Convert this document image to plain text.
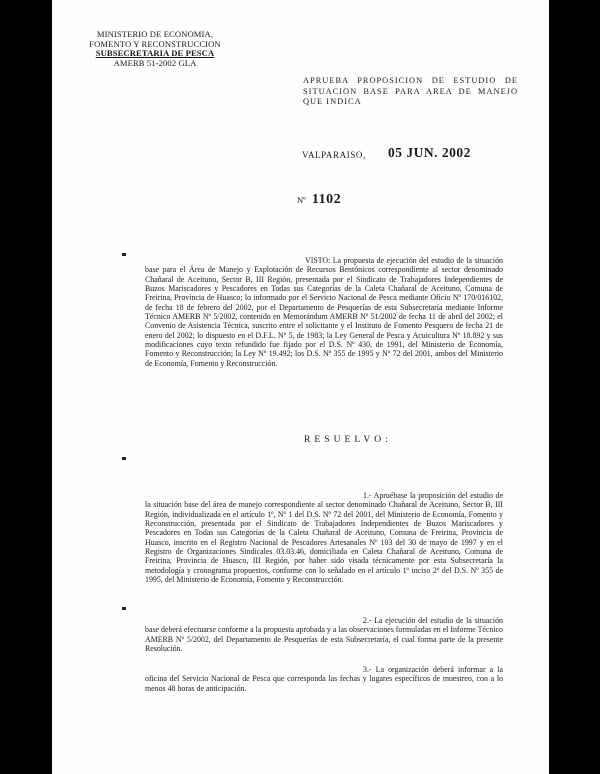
MINISTERIO DE ECONOMIA,
FOMENTO Y RECONSTRUCCION
SUBSECRETARIA DE PESCA
AMERB 51-2002 GLA
APRUEBA PROPOSICION DE ESTUDIO DE SITUACION BASE PARA AREA DE MANEJO QUE INDICA
VALPARAISO, 05 JUN. 2002
Nº 1102
VISTO: La propuesta de ejecución del estudio de la situación base para el Área de Manejo y Explotación de Recursos Bentónicos correspondiente al sector denominado Chañaral de Aceituno, Sector B, III Región, presentada por el Sindicato de Trabajadores Independientes de Buzos Mariscadores y Pescadores en Todas sus Categorías de la Caleta Chañaral de Aceituno, Comuna de Freirina, Provincia de Huasco; lo informado por el Servicio Nacional de Pesca mediante Oficio Nº 170/016102, de fecha 18 de febrero del 2002, por el Departamento de Pesquerías de esta Subsecretaría mediante Informe Técnico AMERB Nº 5/2002, contenido en Memorándum AMERB Nº 51/2002 de fecha 11 de abril del 2002; el Convenio de Asistencia Técnica, suscrito entre el solicitante y el Instituto de Fomento Pesquero de fecha 21 de enero del 2002; lo dispuesto en el D.F.L. Nº 5, de 1983; la Ley General de Pesca y Acuicultura Nº 18.892 y sus modificaciones cuyo texto refundido fue fijado por el D.S. Nº 430, de 1991, del Ministerio de Economía, Fomento y Reconstrucción; la Ley Nº 19.492; los D.S. Nº 355 de 1995 y Nº 72 del 2001, ambos del Ministerio de Economía, Fomento y Reconstrucción.
RESUELVO:
1.- Apruébase la proposición del estudio de la situación base del área de manejo correspondiente al sector denominado Chañaral de Aceituno, Sector B, III Región, individualizada en el artículo 1º, Nº 1 del D.S. Nº 72 del 2001, del Ministerio de Economía, Fomento y Reconstrucción, presentada por el Sindicato de Trabajadores Independientes de Buzos Mariscadores y Pescadores en Todas sus Categorías de la Caleta Chañaral de Aceituno, Comuna de Freirina, Provincia de Huasco, inscrito en el Registro Nacional de Pescadores Artesanales Nº 103 del 30 de mayo de 1997 y en el Registro de Organizaciones Sindicales 03.03.46, domiciliada en Caleta Chañaral de Aceituno, Comuna de Freirina, Provincia de Huasco, III Región, por haber sido visada técnicamente por esta Subsecretaría la metodología y cronograma propuestos, conforme con lo señalado en el artículo 1º inciso 2º del D.S. Nº 355 de 1995, del Ministerio de Economía, Fomento y Reconstrucción.
2.- La ejecución del estudio de la situación base deberá efectuarse conforme a la propuesta aprobada y a las observaciones formuladas en el Informe Técnico AMERB Nº 5/2002, del Departamento de Pesquerías de esta Subsecretaría, el cual forma parte de la presente Resolución.
3.- La organización deberá informar a la oficina del Servicio Nacional de Pesca que corresponda las fechas y lugares específicos de muestreo, con a lo menos 48 horas de anticipación.
